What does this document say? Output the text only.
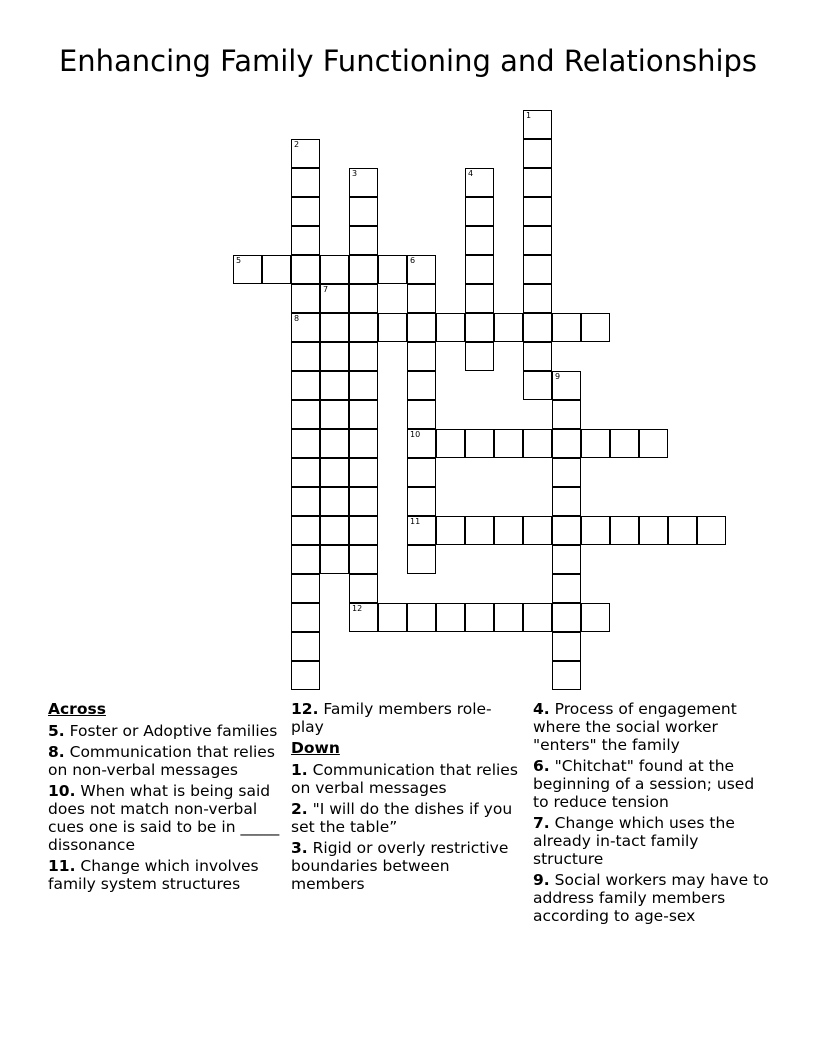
Enhancing Family Functioning and Relationships
1
2
8
3
12
4
5	6
10
11
7
9
Across
5. Foster or Adoptive families
8. Communication that relies on non-verbal messages
10. When what is being said does not match non-verbal cues one is said to be in _____ dissonance
11. Change which involves family system structures
12. Family members role-play
Down
1. Communication that relies on verbal messages
2. "I will do the dishes if you set the table”
3. Rigid or overly restrictive boundaries between members
4. Process of engagement where the social worker "enters" the family
6. "Chitchat" found at the beginning of a session; used to reduce tension
7. Change which uses the already in-tact family structure
9. Social workers may have to address family members according to age-sex
